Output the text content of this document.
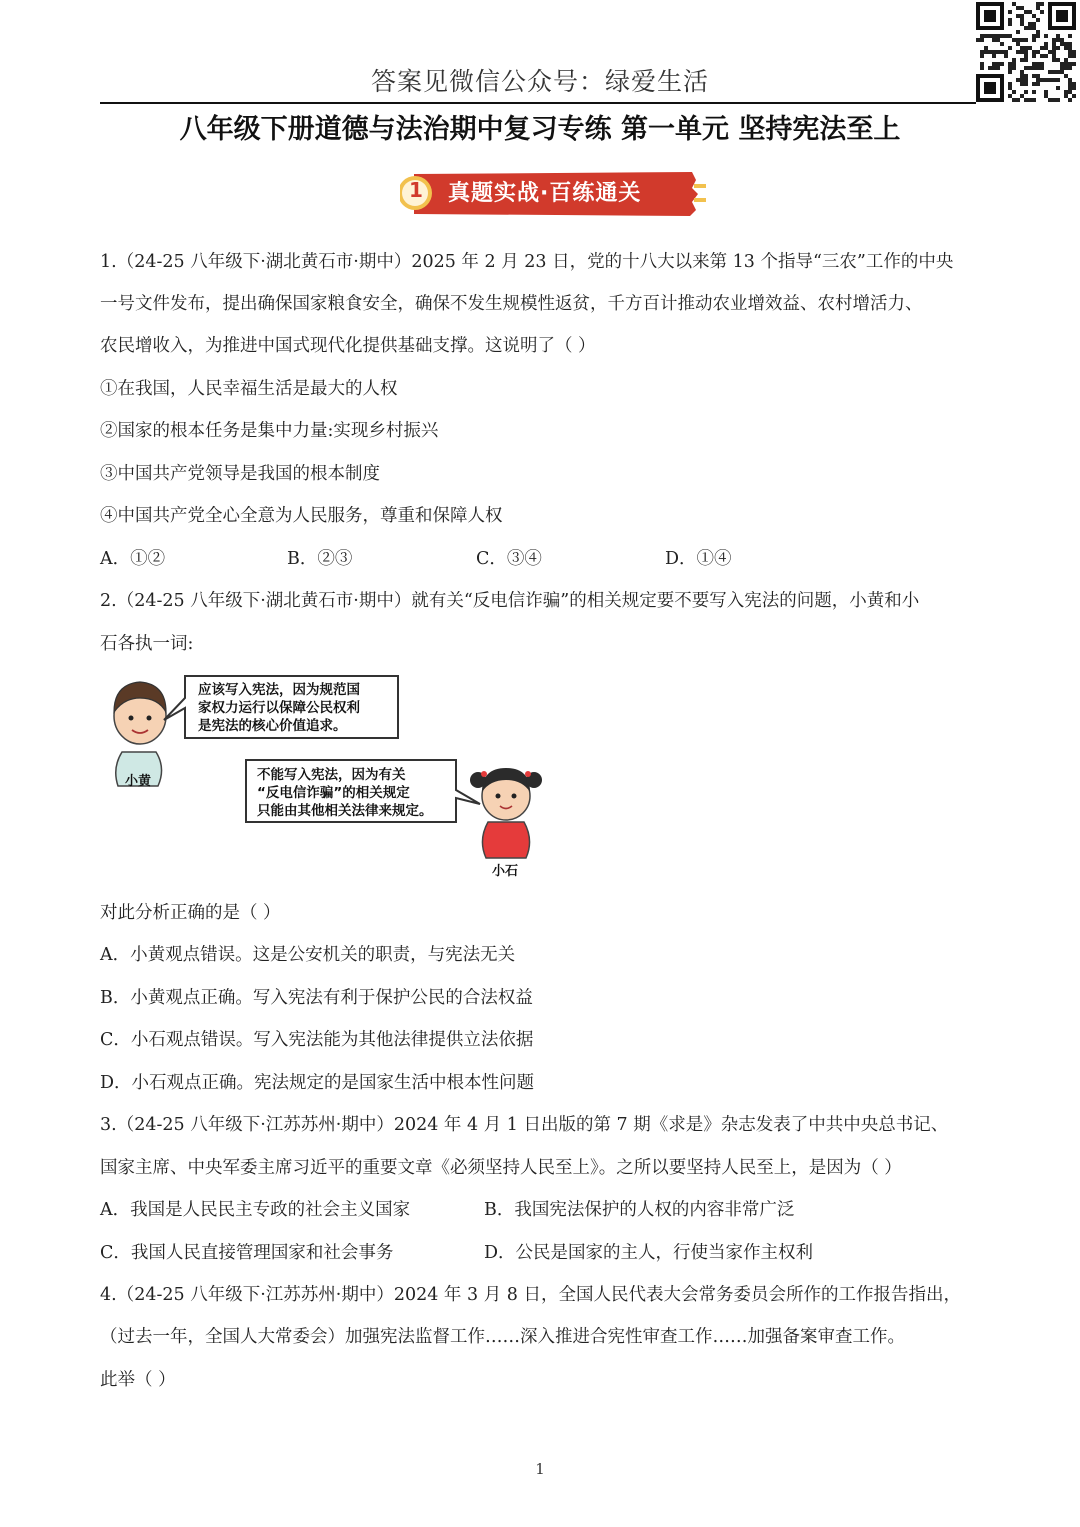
答案见微信公众号：绿爱生活
八年级下册道德与法治期中复习专练 第一单元 坚持宪法至上
1 真题实战·百练通关
1.（24-25 八年级下·湖北黄石市·期中）2025 年 2 月 23 日，党的十八大以来第 13 个指导“三农”工作的中央
一号文件发布，提出确保国家粮食安全，确保不发生规模性返贫，千方百计推动农业增效益、农村增活力、
农民增收入，为推进中国式现代化提供基础支撑。这说明了（ ）
①在我国，人民幸福生活是最大的人权
②国家的根本任务是集中力量:实现乡村振兴
③中国共产党领导是我国的根本制度
④中国共产党全心全意为人民服务，尊重和保障人权
A．①②	B．②③	C．③④	D．①④
2.（24-25 八年级下·湖北黄石市·期中）就有关“反电信诈骗”的相关规定要不要写入宪法的问题，小黄和小
石各执一词:
应该写入宪法，因为规范国
家权力运行以保障公民权利
是宪法的核心价值追求。
小黄	不能写入宪法，因为有关
“反电信诈骗”的相关规定
只能由其他相关法律来规定。
小石
对此分析正确的是（ ）
A．小黄观点错误。这是公安机关的职责，与宪法无关
B．小黄观点正确。写入宪法有利于保护公民的合法权益
C．小石观点错误。写入宪法能为其他法律提供立法依据
D．小石观点正确。宪法规定的是国家生活中根本性问题
3.（24-25 八年级下·江苏苏州·期中）2024 年 4 月 1 日出版的第 7 期《求是》杂志发表了中共中央总书记、
国家主席、中央军委主席习近平的重要文章《必须坚持人民至上》。之所以要坚持人民至上，是因为（ ）
A．我国是人民民主专政的社会主义国家	B．我国宪法保护的人权的内容非常广泛
C．我国人民直接管理国家和社会事务	D．公民是国家的主人，行使当家作主权利
4.（24-25 八年级下·江苏苏州·期中）2024 年 3 月 8 日，全国人民代表大会常务委员会所作的工作报告指出，
（过去一年，全国人大常委会）加强宪法监督工作……深入推进合宪性审查工作……加强备案审查工作。
此举（ ）
1
